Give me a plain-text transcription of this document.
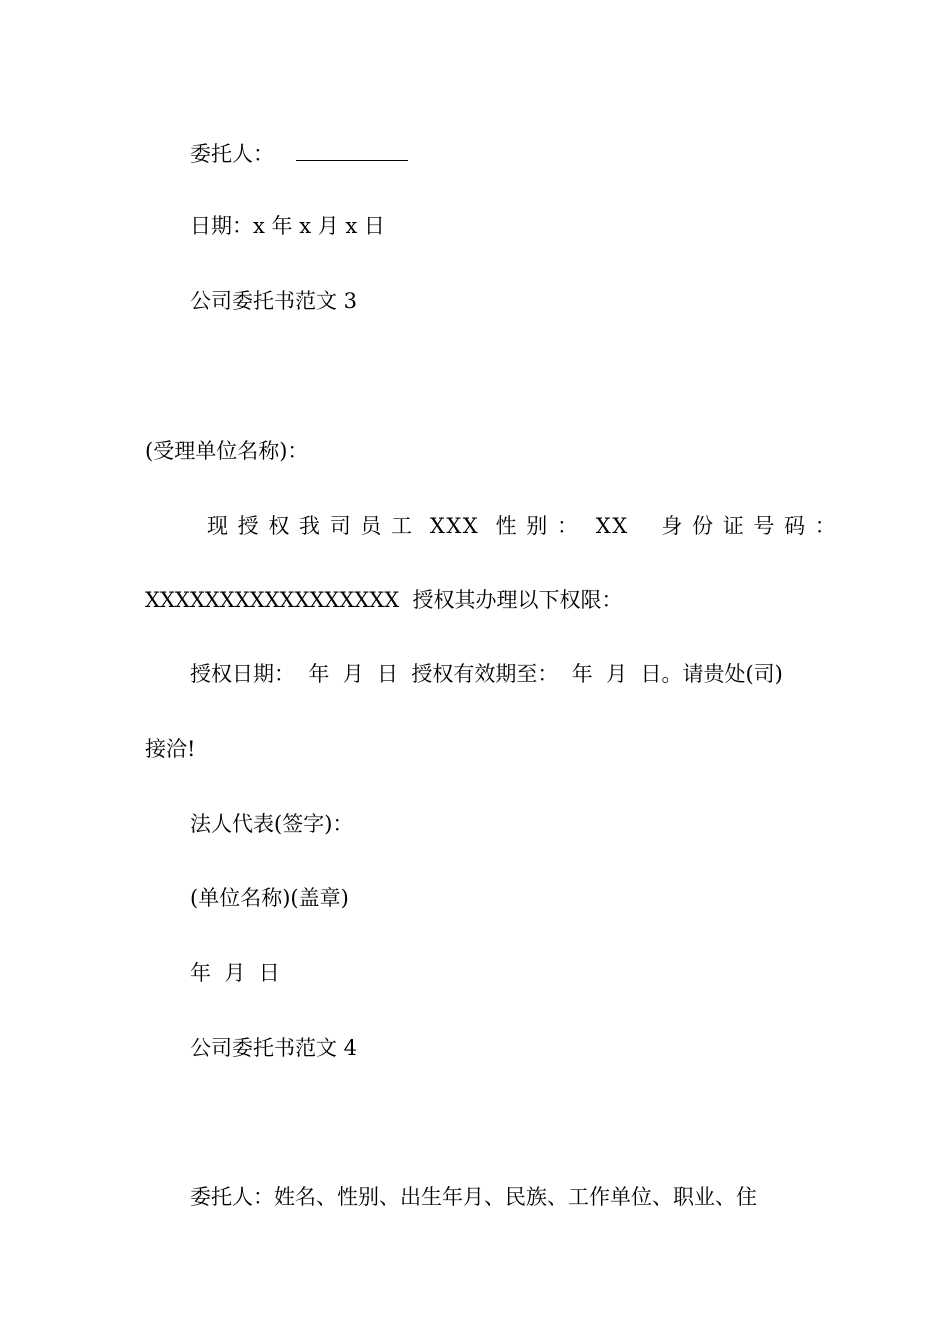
委托人：
日期：x 年 x 月 x 日
公司委托书范文 3
(受理单位名称)：
现 授 权 我 司 员 工  XXX  性 别 ：  XX    身 份 证 号 码 ：
XXXXXXXXXXXXXXXXX  授权其办理以下权限：
授权日期：  年  月  日  授权有效期至：  年  月  日。请贵处(司)
接洽!
法人代表(签字)：
(单位名称)(盖章)
年  月  日
公司委托书范文 4
委托人：姓名、性别、出生年月、民族、工作单位、职业、住
